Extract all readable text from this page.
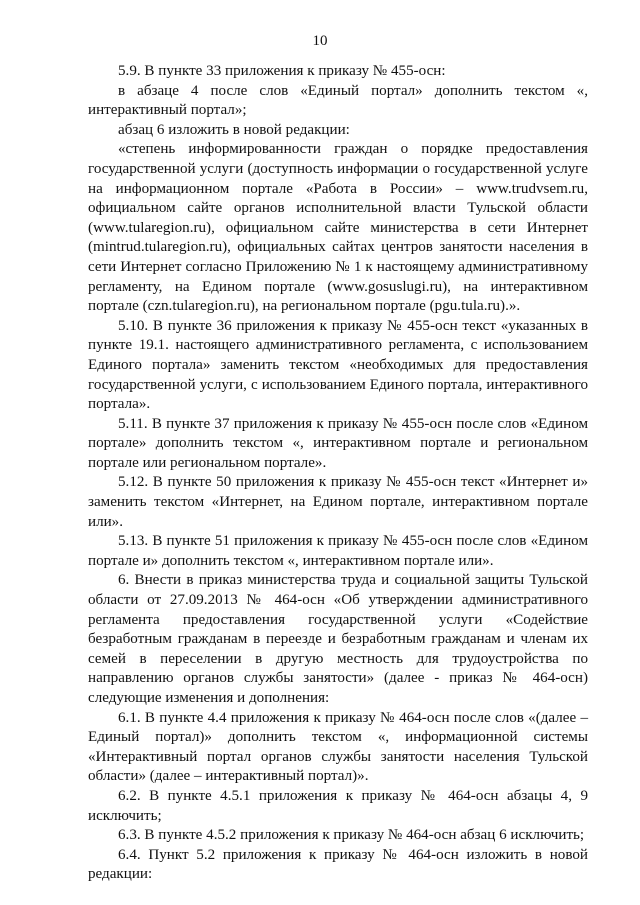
10

5.9. В пункте 33 приложения к приказу № 455-осн:

в абзаце 4 после слов «Единый портал» дополнить текстом «, интерактивный портал»;

абзац 6 изложить в новой редакции:

«степень информированности граждан о порядке предоставления государственной услуги (доступность информации о государственной услуге на информационном портале «Работа в России» – www.trudvsem.ru, официальном сайте органов исполнительной власти Тульской области (www.tularegion.ru), официальном сайте министерства в сети Интернет (mintrud.tularegion.ru), официальных сайтах центров занятости населения в сети Интернет согласно Приложению № 1 к настоящему административному регламенту, на Едином портале (www.gosuslugi.ru), на интерактивном портале (czn.tularegion.ru), на региональном портале (pgu.tula.ru).».

5.10. В пункте 36 приложения к приказу № 455-осн текст «указанных в пункте 19.1. настоящего административного регламента, с использованием Единого портала» заменить текстом «необходимых для предоставления государственной услуги, с использованием Единого портала, интерактивного портала».

5.11. В пункте 37 приложения к приказу № 455-осн после слов «Едином портале» дополнить текстом «, интерактивном портале и региональном портале или региональном портале».

5.12. В пункте 50 приложения к приказу № 455-осн текст «Интернет и» заменить текстом «Интернет, на Едином портале, интерактивном портале или».

5.13. В пункте 51 приложения к приказу № 455-осн после слов «Едином портале и» дополнить текстом «, интерактивном портале или».

6. Внести в приказ министерства труда и социальной защиты Тульской области от 27.09.2013 № 464-осн «Об утверждении административного регламента предоставления государственной услуги «Содействие безработным гражданам в переезде и безработным гражданам и членам их семей в переселении в другую местность для трудоустройства по направлению органов службы занятости» (далее - приказ № 464-осн) следующие изменения и дополнения:

6.1. В пункте 4.4 приложения к приказу № 464-осн после слов «(далее – Единый портал)» дополнить текстом «, информационной системы «Интерактивный портал органов службы занятости населения Тульской области» (далее – интерактивный портал)».

6.2. В пункте 4.5.1 приложения к приказу № 464-осн абзацы 4, 9 исключить;

6.3. В пункте 4.5.2 приложения к приказу № 464-осн абзац 6 исключить;

6.4. Пункт 5.2 приложения к приказу № 464-осн изложить в новой редакции:
